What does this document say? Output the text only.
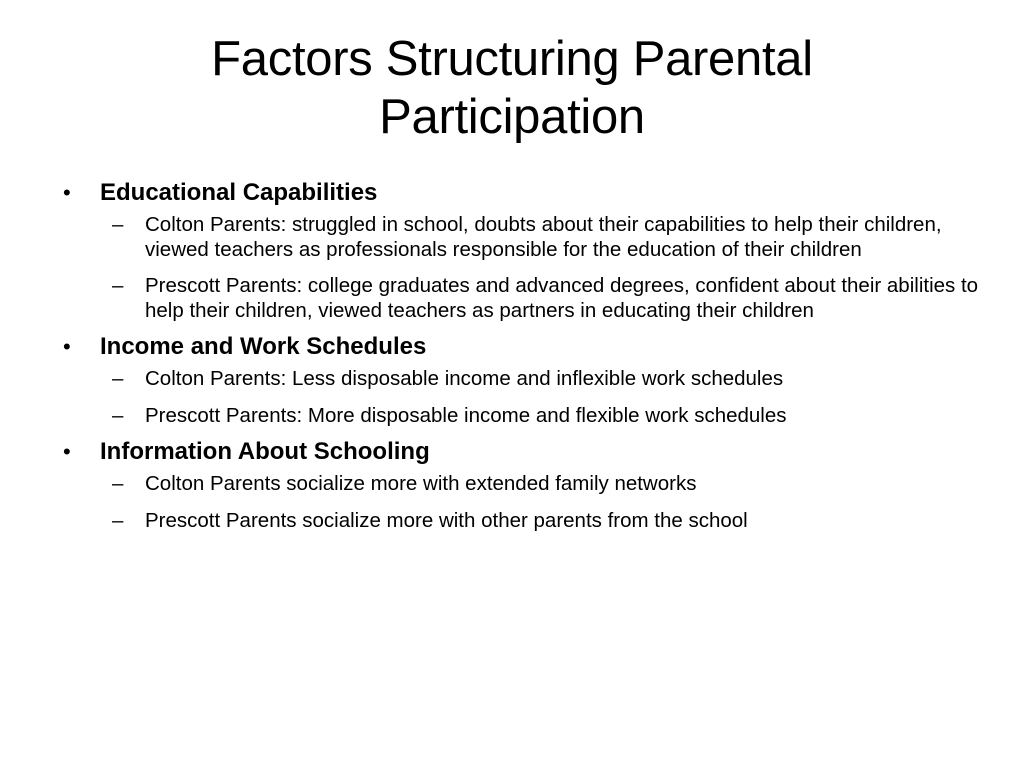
Factors Structuring Parental
Participation
•	Educational Capabilities
– Colton Parents: struggled in school, doubts about their capabilities to help their children, viewed teachers as professionals responsible for the education of their children
– Prescott Parents: college graduates and advanced degrees, confident about their abilities to help their children, viewed teachers as partners in educating their children
•	Income and Work Schedules
– Colton Parents: Less disposable income and inflexible work schedules
– Prescott Parents: More disposable income and flexible work schedules
•	Information About Schooling
– Colton Parents socialize more with extended family networks
– Prescott Parents socialize more with other parents from the school
